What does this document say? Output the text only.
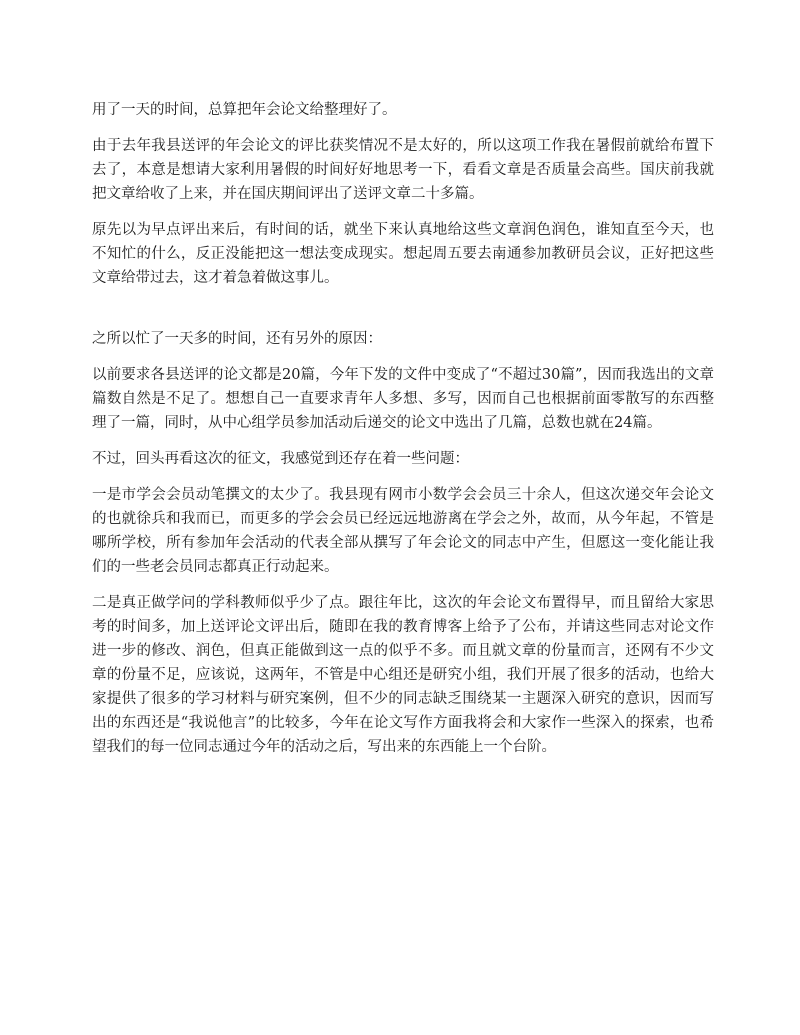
用了一天的时间，总算把年会论文给整理好了。

由于去年我县送评的年会论文的评比获奖情况不是太好的，所以这项工作我在暑假前就给布置下去了，本意是想请大家利用暑假的时间好好地思考一下，看看文章是否质量会高些。国庆前我就把文章给收了上来，并在国庆期间评出了送评文章二十多篇。

原先以为早点评出来后，有时间的话，就坐下来认真地给这些文章润色润色，谁知直至今天，也不知忙的什么，反正没能把这一想法变成现实。想起周五要去南通参加教研员会议，正好把这些文章给带过去，这才着急着做这事儿。

之所以忙了一天多的时间，还有另外的原因：

以前要求各县送评的论文都是20篇，今年下发的文件中变成了“不超过30篇”，因而我选出的文章篇数自然是不足了。想想自己一直要求青年人多想、多写，因而自己也根据前面零散写的东西整理了一篇，同时，从中心组学员参加活动后递交的论文中选出了几篇，总数也就在24篇。

不过，回头再看这次的征文，我感觉到还存在着一些问题：

一是市学会会员动笔撰文的太少了。我县现有网市小数学会会员三十余人，但这次递交年会论文的也就徐兵和我而已，而更多的学会会员已经远远地游离在学会之外，故而，从今年起，不管是哪所学校，所有参加年会活动的代表全部从撰写了年会论文的同志中产生，但愿这一变化能让我们的一些老会员同志都真正行动起来。

二是真正做学问的学科教师似乎少了点。跟往年比，这次的年会论文布置得早，而且留给大家思考的时间多，加上送评论文评出后，随即在我的教育博客上给予了公布，并请这些同志对论文作进一步的修改、润色，但真正能做到这一点的似乎不多。而且就文章的份量而言，还网有不少文章的份量不足，应该说，这两年，不管是中心组还是研究小组，我们开展了很多的活动，也给大家提供了很多的学习材料与研究案例，但不少的同志缺乏围绕某一主题深入研究的意识，因而写出的东西还是“我说他言”的比较多，今年在论文写作方面我将会和大家作一些深入的探索，也希望我们的每一位同志通过今年的活动之后，写出来的东西能上一个台阶。
